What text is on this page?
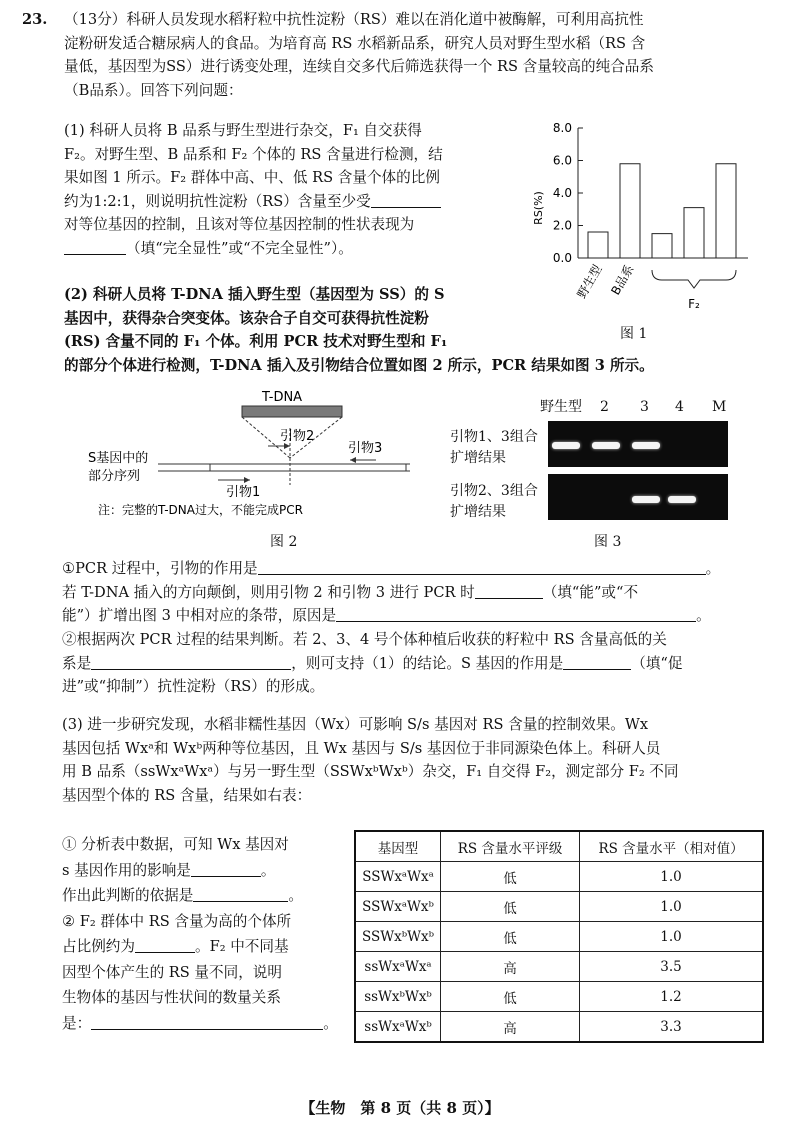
23. （13分）科研人员发现水稻籽粒中抗性淀粉（RS）难以在消化道中被酶解，可利用高抗性
淀粉研发适合糖尿病人的食品。为培育高 RS 水稻新品系，研究人员对野生型水稻（RS 含
量低，基因型为SS）进行诱变处理，连续自交多代后筛选获得一个 RS 含量较高的纯合品系
（B品系）。回答下列问题：
(1) 科研人员将 B 品系与野生型进行杂交，F₁ 自交获得
F₂。对野生型、B 品系和 F₂ 个体的 RS 含量进行检测，结
果如图 1 所示。F₂ 群体中高、中、低 RS 含量个体的比例
约为1:2:1，则说明抗性淀粉（RS）含量至少受
对等位基因的控制，且该对等位基因控制的性状表现为
（填“完全显性”或“不完全显性”）。
(2) 科研人员将 T-DNA 插入野生型（基因型为 SS）的 S
基因中，获得杂合突变体。该杂合子自交可获得抗性淀粉
(RS) 含量不同的 F₁ 个体。利用 PCR 技术对野生型和 F₁
的部分个体进行检测，T-DNA 插入及引物结合位置如图 2 所示，PCR 结果如图 3 所示。
0.0
2.0
4.0
6.0
8.0
RS(%)
野生型 B品系
F₂
图 1
T-DNA
引物2
引物3
引物1
S基因中的
部分序列
注：完整的T-DNA过大，不能完成PCR
图 2
野生型 2 3 4 M
引物1、3组合
扩增结果
引物2、3组合
扩增结果
图 3
①PCR 过程中，引物的作用是	。
若 T-DNA 插入的方向颠倒，则用引物 2 和引物 3 进行 PCR 时	（填“能”或“不
能”）扩增出图 3 中相对应的条带，原因是	。
②根据两次 PCR 过程的结果判断。若 2、3、4 号个体种植后收获的籽粒中 RS 含量高低的关
系是	，则可支持（1）的结论。S 基因的作用是	（填“促
进”或“抑制”）抗性淀粉（RS）的形成。
(3) 进一步研究发现，水稻非糯性基因（Wx）可影响 S/s 基因对 RS 含量的控制效果。Wx
基因包括 Wxᵃ和 Wxᵇ两种等位基因，且 Wx 基因与 S/s 基因位于非同源染色体上。科研人员
用 B 品系（ssWxᵃWxᵃ）与另一野生型（SSWxᵇWxᵇ）杂交，F₁ 自交得 F₂，测定部分 F₂ 不同
基因型个体的 RS 含量，结果如右表：
① 分析表中数据，可知 Wx 基因对
s 基因作用的影响是	。
作出此判断的依据是	。
② F₂ 群体中 RS 含量为高的个体所
占比例约为	。F₂ 中不同基
因型个体产生的 RS 量不同，说明
生物体的基因与性状间的数量关系
是：	。
基因型	RS 含量水平评级	RS 含量水平（相对值）
SSWxᵃWxᵃ	低	1.0
SSWxᵃWxᵇ	低	1.0
SSWxᵇWxᵇ	低	1.0
ssWxᵃWxᵃ	高	3.5
ssWxᵇWxᵇ	低	1.2
ssWxᵃWxᵇ	高	3.3
【生物　第 8 页（共 8 页）】
